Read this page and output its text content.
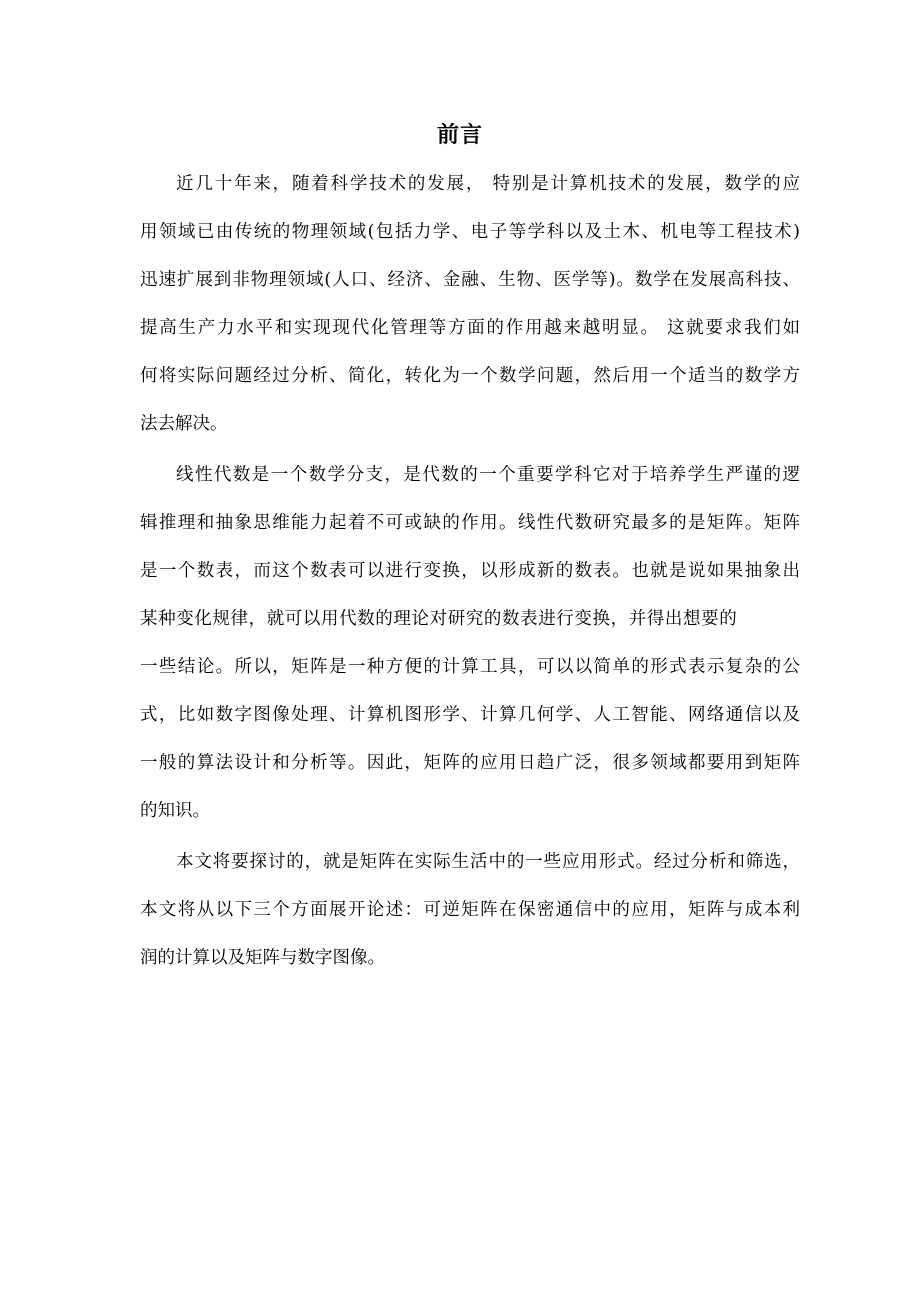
前言
近几十年来，随着科学技术的发展， 特别是计算机技术的发展，数学的应
用领域已由传统的物理领域(包括力学、电子等学科以及土木、机电等工程技术)
迅速扩展到非物理领域(人口、经济、金融、生物、医学等)。数学在发展高科技、
提高生产力水平和实现现代化管理等方面的作用越来越明显。 这就要求我们如
何将实际问题经过分析、简化，转化为一个数学问题，然后用一个适当的数学方
法去解决。
线性代数是一个数学分支，是代数的一个重要学科它对于培养学生严谨的逻
辑推理和抽象思维能力起着不可或缺的作用。线性代数研究最多的是矩阵。矩阵
是一个数表，而这个数表可以进行变换，以形成新的数表。也就是说如果抽象出
某种变化规律，就可以用代数的理论对研究的数表进行变换，并得出想要的
一些结论。所以，矩阵是一种方便的计算工具，可以以简单的形式表示复杂的公
式，比如数字图像处理、计算机图形学、计算几何学、人工智能、网络通信以及
一般的算法设计和分析等。因此，矩阵的应用日趋广泛，很多领域都要用到矩阵
的知识。
本文将要探讨的，就是矩阵在实际生活中的一些应用形式。经过分析和筛选，
本文将从以下三个方面展开论述：可逆矩阵在保密通信中的应用，矩阵与成本利
润的计算以及矩阵与数字图像。
